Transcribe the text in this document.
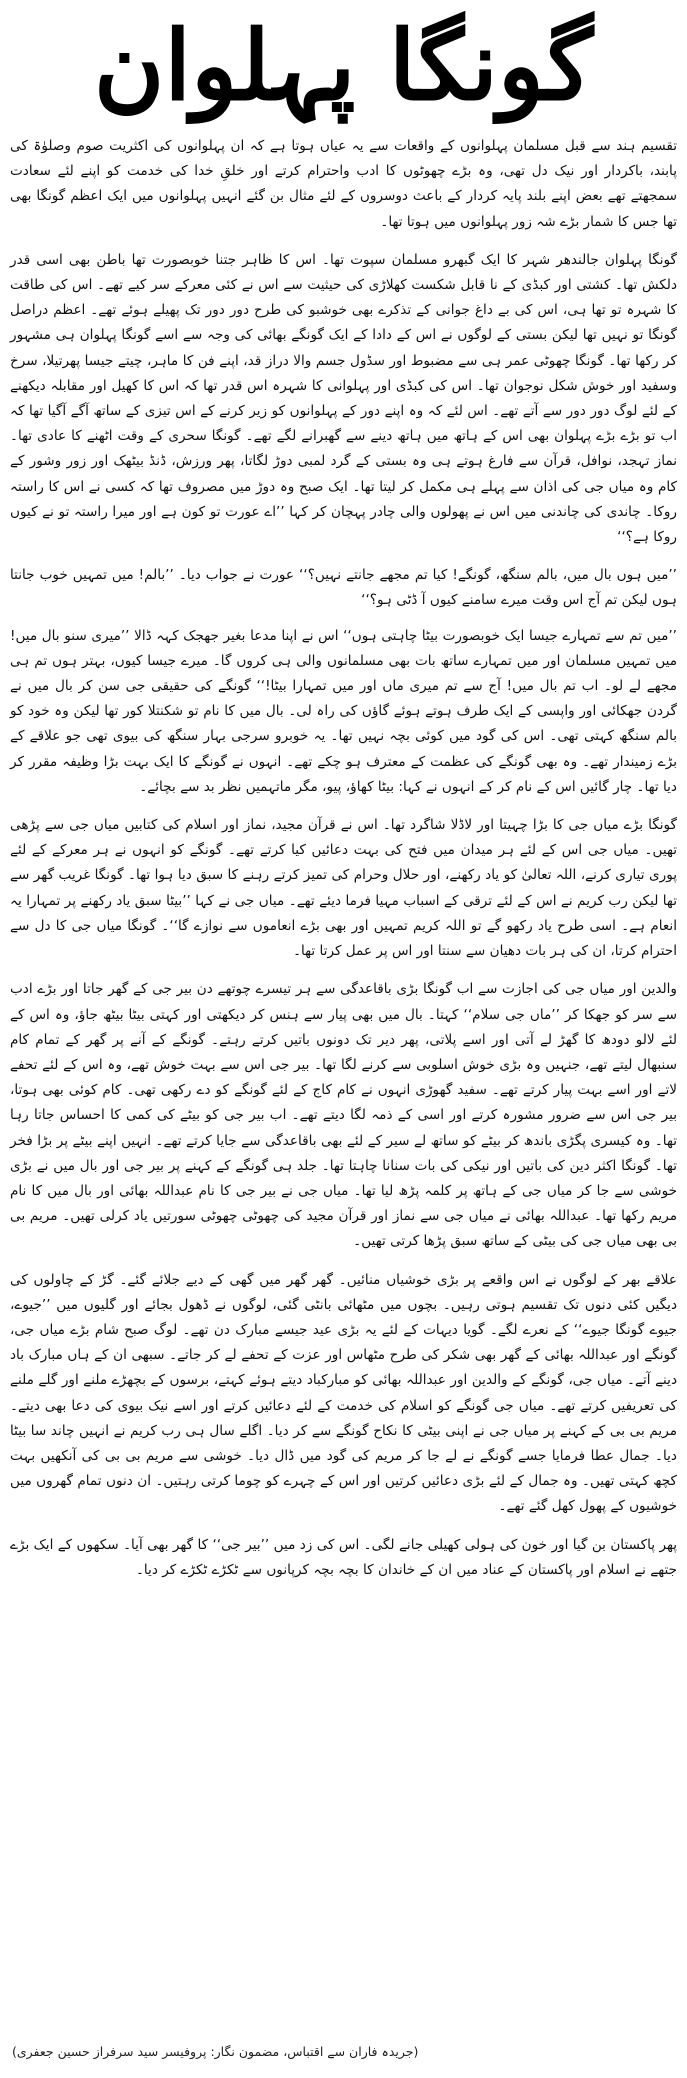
گونگا پہلوان

تقسیم ہند سے قبل مسلمان پہلوانوں کے واقعات سے یہ عیاں ہوتا ہے کہ ان پہلوانوں کی اکثریت صوم وصلوٰۃ کی پابند، باکردار اور نیک دل تھی، وہ بڑے چھوٹوں کا ادب واحترام کرتے اور خلقِ خدا کی خدمت کو اپنے لئے سعادت سمجھتے تھے بعض اپنے بلند پایہ کردار کے باعث دوسروں کے لئے مثال بن گئے انہیں پہلوانوں میں ایک اعظم گونگا بھی تھا جس کا شمار بڑے شہ زور پہلوانوں میں ہوتا تھا۔

گونگا پہلوان جالندھر شہر کا ایک گبھرو مسلمان سپوت تھا۔ اس کا ظاہر جتنا خوبصورت تھا باطن بھی اسی قدر دلکش تھا۔ کشتی اور کبڈی کے نا قابل شکست کھلاڑی کی حیثیت سے اس نے کئی معرکے سر کیے تھے۔ اس کی طاقت کا شہرہ تو تھا ہی، اس کی بے داغ جوانی کے تذکرے بھی خوشبو کی طرح دور دور تک پھیلے ہوئے تھے۔ اعظم دراصل گونگا تو نہیں تھا لیکن بستی کے لوگوں نے اس کے دادا کے ایک گونگے بھائی کی وجہ سے اسے گونگا پہلوان ہی مشہور کر رکھا تھا۔ گونگا چھوٹی عمر ہی سے مضبوط اور سڈول جسم والا دراز قد، اپنے فن کا ماہر، چیتے جیسا پھرتیلا، سرخ وسفید اور خوش شکل نوجوان تھا۔ اس کی کبڈی اور پہلوانی کا شہرہ اس قدر تھا کہ اس کا کھیل اور مقابلہ دیکھنے کے لئے لوگ دور دور سے آتے تھے۔ اس لئے کہ وہ اپنے دور کے پہلوانوں کو زیر کرنے کے اس تیزی کے ساتھ آگے آگیا تھا کہ اب تو بڑے بڑے پہلوان بھی اس کے ہاتھ میں ہاتھ دینے سے گھبرانے لگے تھے۔ گونگا سحری کے وقت اٹھنے کا عادی تھا۔ نماز تہجد، نوافل، قرآن سے فارغ ہوتے ہی وہ بستی کے گرد لمبی دوڑ لگاتا، پھر ورزش، ڈنڈ بیٹھک اور زور وشور کے کام وہ میاں جی کی اذان سے پہلے ہی مکمل کر لیتا تھا۔ ایک صبح وہ دوڑ میں مصروف تھا کہ کسی نے اس کا راستہ روکا۔ چاندی کی چاندنی میں اس نے پھولوں والی چادر پہچان کر کہا ’’اے عورت تو کون ہے اور میرا راستہ تو نے کیوں روکا ہے؟‘‘

’’میں ہوں بال میں، بالم سنگھ، گونگے! کیا تم مجھے جانتے نہیں؟‘‘ عورت نے جواب دیا۔ ’’بالم! میں تمہیں خوب جانتا ہوں لیکن تم آج اس وقت میرے سامنے کیوں آ ڈٹی ہو؟‘‘

’’میں تم سے تمہارے جیسا ایک خوبصورت بیٹا چاہتی ہوں‘‘ اس نے اپنا مدعا بغیر جھجک کہہ ڈالا ’’میری سنو بال میں! میں تمہیں مسلمان اور میں تمہارے ساتھ بات بھی مسلمانوں والی ہی کروں گا۔ میرے جیسا کیوں، بہتر ہوں تم ہی مجھے لے لو۔ اب تم بال میں! آج سے تم میری ماں اور میں تمہارا بیٹا!‘‘ گونگے کی حقیقی جی سن کر بال میں نے گردن جھکائی اور واپسی کے ایک طرف ہوتے ہوئے گاؤں کی راہ لی۔ بال میں کا نام تو شکنتلا کور تھا لیکن وہ خود کو بالم سنگھ کہتی تھی۔ اس کی گود میں کوئی بچہ نہیں تھا۔ یہ خوبرو سرجی بہار سنگھ کی بیوی تھی جو علاقے کے بڑے زمیندار تھے۔ وہ بھی گونگے کی عظمت کے معترف ہو چکے تھے۔ انہوں نے گونگے کا ایک بہت بڑا وظیفہ مقرر کر دیا تھا۔ چار گائیں اس کے نام کر کے انہوں نے کہا: بیٹا کھاؤ، پیو، مگر ماتہمیں نظر بد سے بچائے۔

گونگا بڑے میاں جی کا بڑا چہیتا اور لاڈلا شاگرد تھا۔ اس نے قرآن مجید، نماز اور اسلام کی کتابیں میاں جی سے پڑھی تھیں۔ میاں جی اس کے لئے ہر میدان میں فتح کی بہت دعائیں کیا کرتے تھے۔ گونگے کو انہوں نے ہر معرکے کے لئے پوری تیاری کرنے، اللہ تعالیٰ کو یاد رکھنے، اور حلال وحرام کی تمیز کرتے رہنے کا سبق دیا ہوا تھا۔ گونگا غریب گھر سے تھا لیکن رب کریم نے اس کے لئے ترقی کے اسباب مہیا فرما دیئے تھے۔ میاں جی نے کہا ’’بیٹا سبق یاد رکھنے پر تمہارا یہ انعام ہے۔ اسی طرح یاد رکھو گے تو اللہ کریم تمہیں اور بھی بڑے انعاموں سے نوازے گا‘‘۔ گونگا میاں جی کا دل سے احترام کرتا، ان کی ہر بات دھیان سے سنتا اور اس پر عمل کرتا تھا۔

والدین اور میاں جی کی اجازت سے اب گونگا بڑی باقاعدگی سے ہر تیسرے چوتھے دن بیر جی کے گھر جاتا اور بڑے ادب سے سر کو جھکا کر ’’ماں جی سلام‘‘ کہتا۔ بال میں بھی پیار سے ہنس کر دیکھتی اور کہتی بیٹا بیٹھ جاؤ، وہ اس کے لئے لالو دودھ کا گھڑ لے آتی اور اسے پلاتی، پھر دیر تک دونوں باتیں کرتے رہتے۔ گونگے کے آنے پر گھر کے تمام کام سنبھال لیتے تھے، جنہیں وہ بڑی خوش اسلوبی سے کرنے لگا تھا۔ بیر جی اس سے بہت خوش تھے، وہ اس کے لئے تحفے لاتے اور اسے بہت پیار کرتے تھے۔ سفید گھوڑی انہوں نے کام کاج کے لئے گونگے کو دے رکھی تھی۔ کام کوئی بھی ہوتا، بیر جی اس سے ضرور مشورہ کرتے اور اسی کے ذمہ لگا دیتے تھے۔ اب بیر جی کو بیٹے کی کمی کا احساس جاتا رہا تھا۔ وہ کیسری پگڑی باندھ کر بیٹے کو ساتھ لے سیر کے لئے بھی باقاعدگی سے جایا کرتے تھے۔ انہیں اپنے بیٹے پر بڑا فخر تھا۔ گونگا اکثر دین کی باتیں اور نیکی کی بات سنانا چاہتا تھا۔ جلد ہی گونگے کے کہنے پر بیر جی اور بال میں نے بڑی خوشی سے جا کر میاں جی کے ہاتھ پر کلمہ پڑھ لیا تھا۔ میاں جی نے بیر جی کا نام عبداللہ بھائی اور بال میں کا نام مریم رکھا تھا۔ عبداللہ بھائی نے میاں جی سے نماز اور قرآن مجید کی چھوٹی چھوٹی سورتیں یاد کرلی تھیں۔ مریم بی بی بھی میاں جی کی بیٹی کے ساتھ سبق پڑھا کرتی تھیں۔

علاقے بھر کے لوگوں نے اس واقعے پر بڑی خوشیاں منائیں۔ گھر گھر میں گھی کے دیے جلائے گئے۔ گڑ کے چاولوں کی دیگیں کئی دنوں تک تقسیم ہوتی رہیں۔ بچوں میں مٹھائی بانٹی گئی، لوگوں نے ڈھول بجائے اور گلیوں میں ’’جیوے، جیوے گونگا جیوے‘‘ کے نعرے لگے۔ گویا دیہات کے لئے یہ بڑی عید جیسے مبارک دن تھے۔ لوگ صبح شام بڑے میاں جی، گونگے اور عبداللہ بھائی کے گھر بھی شکر کی طرح مٹھاس اور عزت کے تحفے لے کر جاتے۔ سبھی ان کے ہاں مبارک باد دینے آتے۔ میاں جی، گونگے کے والدین اور عبداللہ بھائی کو مبارکباد دیتے ہوئے کہتے، برسوں کے بچھڑے ملنے اور گلے ملنے کی تعریفیں کرتے تھے۔ میاں جی گونگے کو اسلام کی خدمت کے لئے دعائیں کرتے اور اسے نیک بیوی کی دعا بھی دیتے۔ مریم بی بی کے کہنے پر میاں جی نے اپنی بیٹی کا نکاح گونگے سے کر دیا۔ اگلے سال ہی رب کریم نے انہیں چاند سا بیٹا دیا۔ جمال عطا فرمایا جسے گونگے نے لے جا کر مریم کی گود میں ڈال دیا۔ خوشی سے مریم بی بی کی آنکھیں بہت کچھ کہتی تھیں۔ وہ جمال کے لئے بڑی دعائیں کرتیں اور اس کے چہرے کو چوما کرتی رہتیں۔ ان دنوں تمام گھروں میں خوشیوں کے پھول کھل گئے تھے۔

پھر پاکستان بن گیا اور خون کی ہولی کھیلی جانے لگی۔ اس کی زد میں ’’بیر جی‘‘ کا گھر بھی آیا۔ سکھوں کے ایک بڑے جتھے نے اسلام اور پاکستان کے عناد میں ان کے خاندان کا بچہ بچہ کرپانوں سے ٹکڑے ٹکڑے کر دیا۔

(جریدہ فاران سے اقتباس، مضمون نگار: پروفیسر سید سرفراز حسین جعفری)
